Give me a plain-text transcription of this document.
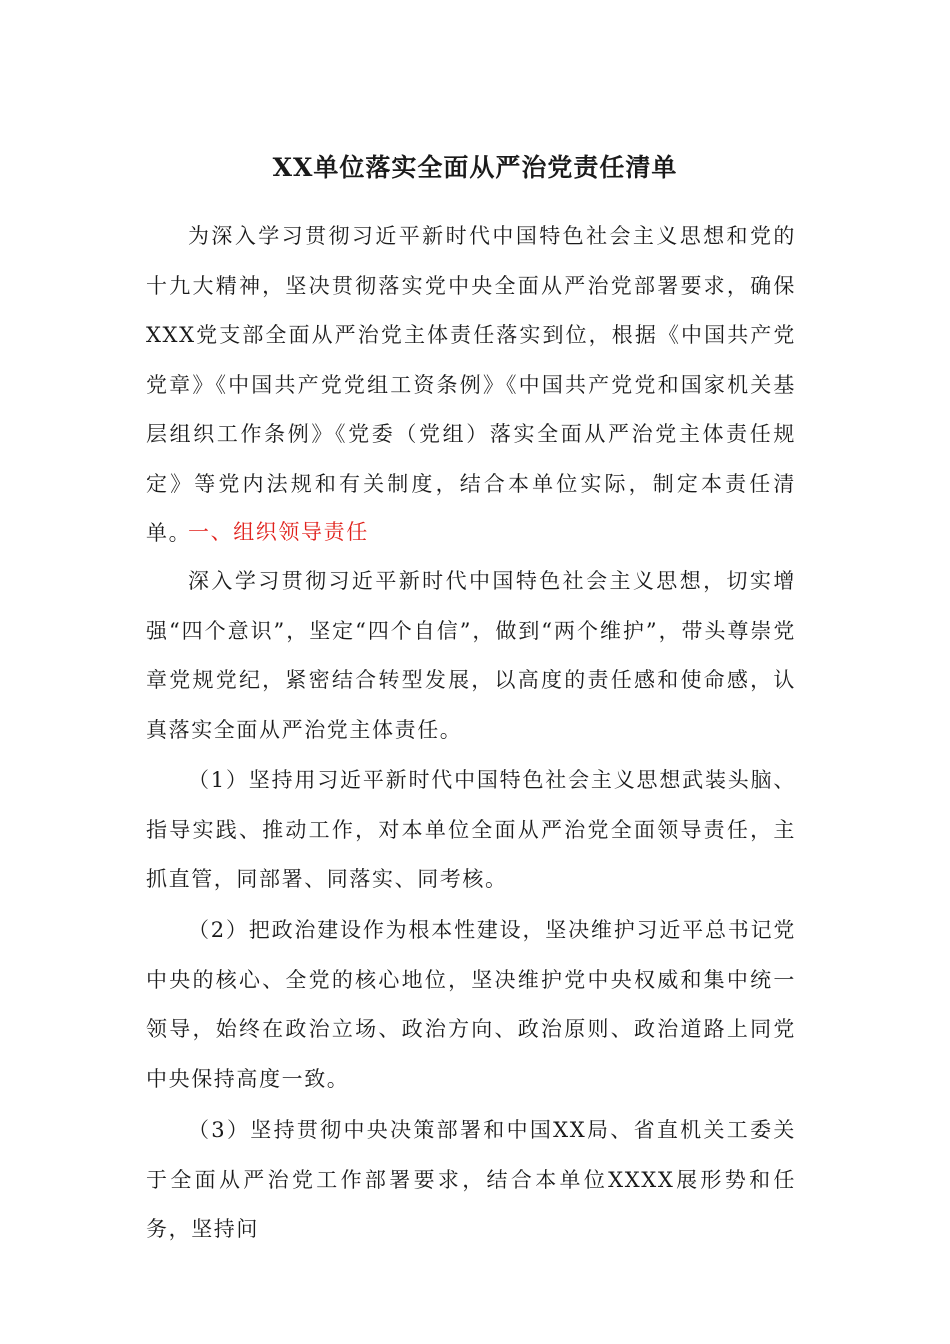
XX单位落实全面从严治党责任清单

为深入学习贯彻习近平新时代中国特色社会主义思想和党的十九大精神，坚决贯彻落实党中央全面从严治党部署要求，确保XXX党支部全面从严治党主体责任落实到位，根据《中国共产党党章》《中国共产党党组工资条例》《中国共产党党和国家机关基层组织工作条例》《党委（党组）落实全面从严治党主体责任规定》等党内法规和有关制度，结合本单位实际，制定本责任清单。

一、组织领导责任

深入学习贯彻习近平新时代中国特色社会主义思想，切实增强“四个意识”，坚定“四个自信”，做到“两个维护”，带头尊崇党章党规党纪，紧密结合转型发展，以高度的责任感和使命感，认真落实全面从严治党主体责任。

（1）坚持用习近平新时代中国特色社会主义思想武装头脑、指导实践、推动工作，对本单位全面从严治党全面领导责任，主抓直管，同部署、同落实、同考核。

（2）把政治建设作为根本性建设，坚决维护习近平总书记党中央的核心、全党的核心地位，坚决维护党中央权威和集中统一领导，始终在政治立场、政治方向、政治原则、政治道路上同党中央保持高度一致。

（3）坚持贯彻中央决策部署和中国XX局、省直机关工委关于全面从严治党工作部署要求，结合本单位XXXX展形势和任务，坚持问
